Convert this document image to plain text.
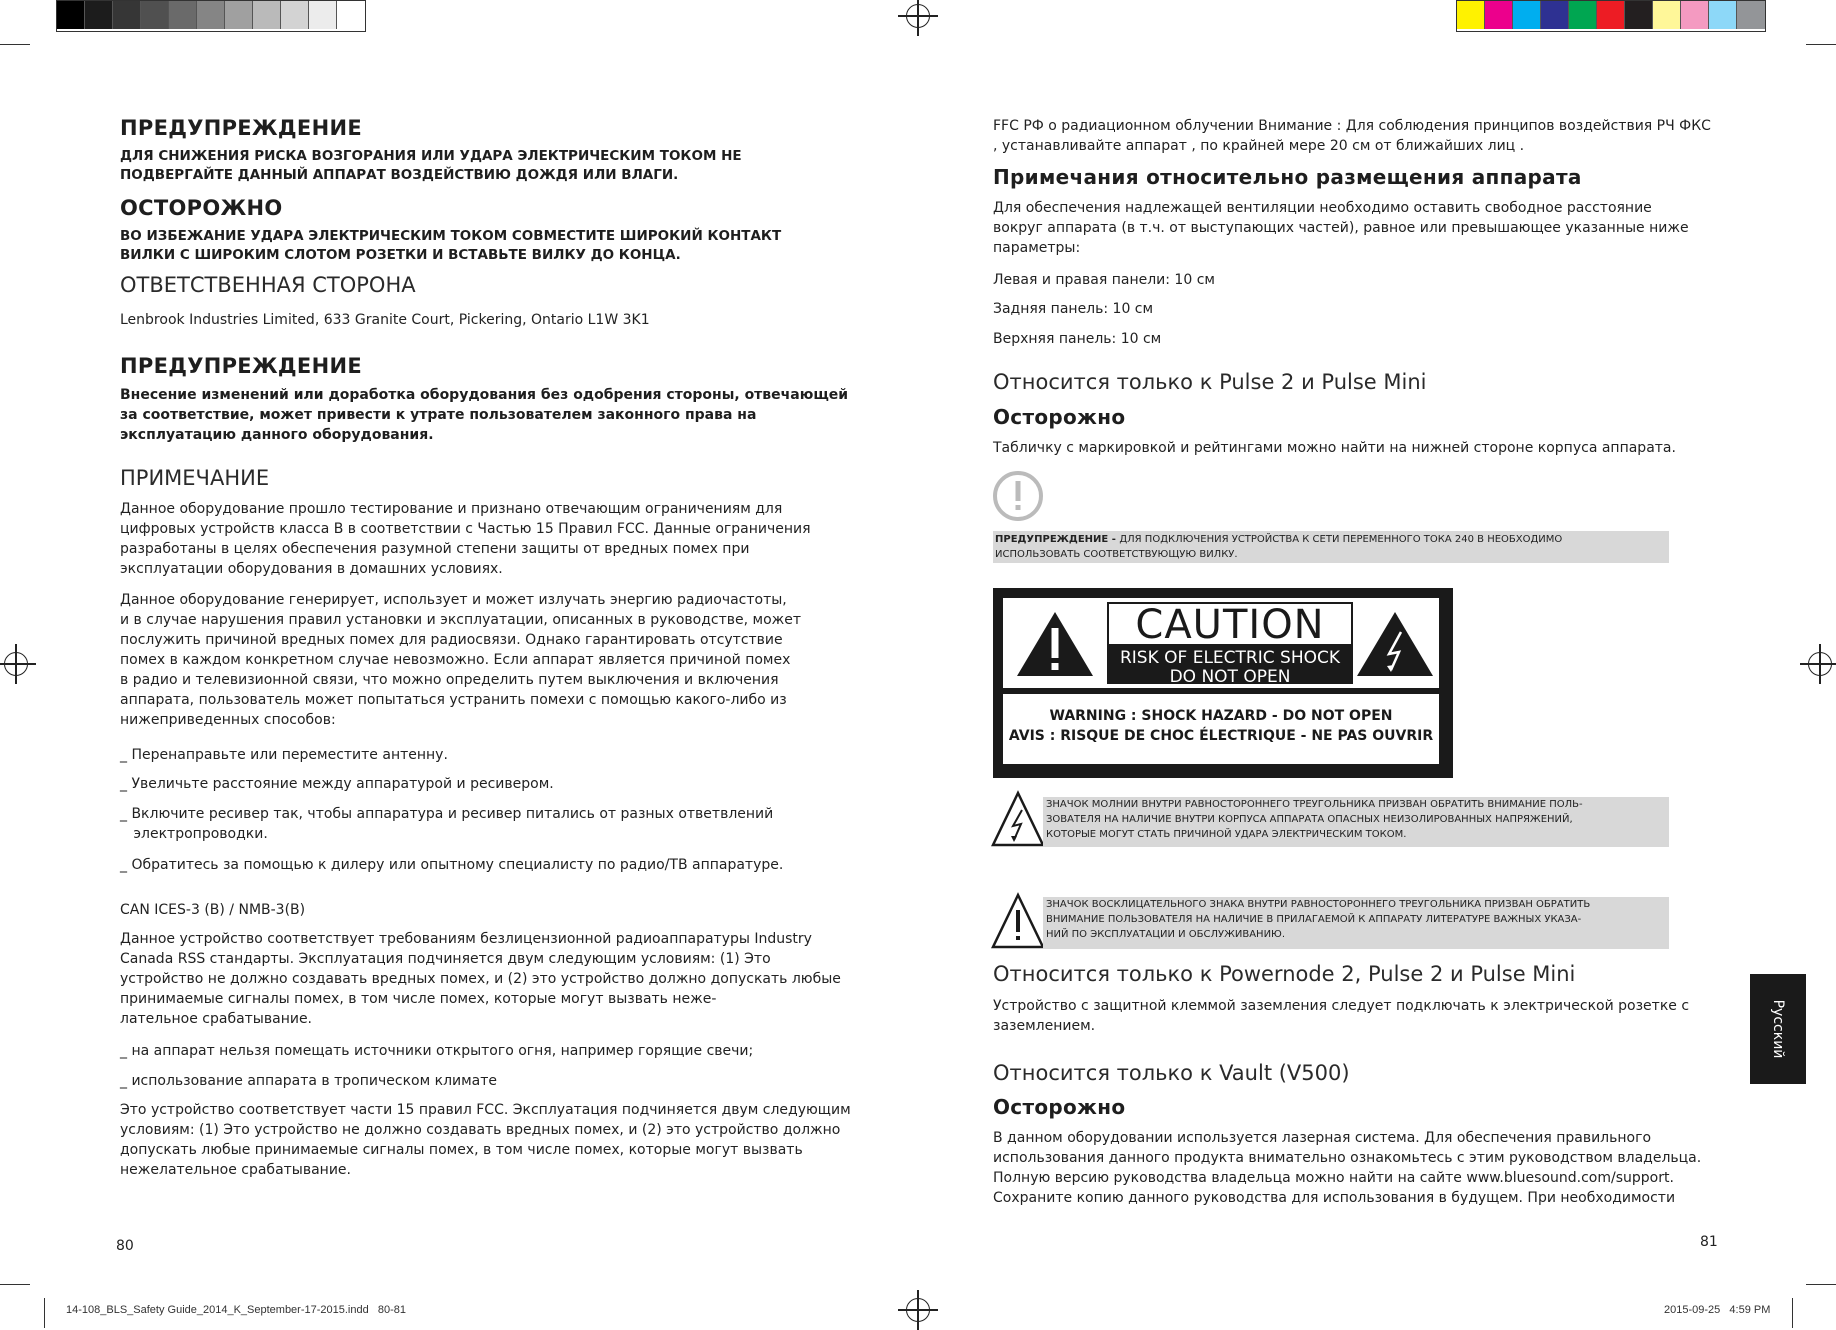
ПРЕДУПРЕЖДЕНИЕ
ДЛЯ СНИЖЕНИЯ РИСКА ВОЗГОРАНИЯ ИЛИ УДАРА ЭЛЕКТРИЧЕСКИМ ТОКОМ НЕ
ПОДВЕРГАЙТЕ ДАННЫЙ АППАРАТ ВОЗДЕЙСТВИЮ ДОЖДЯ ИЛИ ВЛАГИ.
ОСТОРОЖНО
ВО ИЗБЕЖАНИЕ УДАРА ЭЛЕКТРИЧЕСКИМ ТОКОМ СОВМЕСТИТЕ ШИРОКИЙ КОНТАКТ
ВИЛКИ С ШИРОКИМ СЛОТОМ РОЗЕТКИ И ВСТАВЬТЕ ВИЛКУ ДО КОНЦА.
ОТВЕТСТВЕННАЯ СТОРОНА
Lenbrook Industries Limited, 633 Granite Court, Pickering, Ontario L1W 3K1
ПРЕДУПРЕЖДЕНИЕ
Внесение изменений или доработка оборудования без одобрения стороны, отвечающей
за соответствие, может привести к утрате пользователем законного права на
эксплуатацию данного оборудования.
ПРИМЕЧАНИЕ
Данное оборудование прошло тестирование и признано отвечающим ограничениям для
цифровых устройств класса B в соответствии с Частью 15 Правил FCC. Данные ограничения
разработаны в целях обеспечения разумной степени защиты от вредных помех при
эксплуатации оборудования в домашних условиях.
Данное оборудование генерирует, использует и может излучать энергию радиочастоты,
и в случае нарушения правил установки и эксплуатации, описанных в руководстве, может
послужить причиной вредных помех для радиосвязи. Однако гарантировать отсутствие
помех в каждом конкретном случае невозможно. Если аппарат является причиной помех
в радио и телевизионной связи, что можно определить путем выключения и включения
аппарата, пользователь может попытаться устранить помехи с помощью какого-либо из
нижеприведенных способов:
_ Перенаправьте или переместите антенну.
_ Увеличьте расстояние между аппаратурой и ресивером.
_ Включите ресивер так, чтобы аппаратура и ресивер питались от разных ответвлений
электропроводки.
_ Обратитесь за помощью к дилеру или опытному специалисту по радио/ТВ аппаратуре.
CAN ICES-3 (B) / NMB-3(B)
Данное устройство соответствует требованиям безлицензионной радиоаппаратуры Industry
Canada RSS стандарты. Эксплуатация подчиняется двум следующим условиям: (1) Это
устройство не должно создавать вредных помех, и (2) это устройство должно допускать любые
принимаемые сигналы помех, в том числе помех, которые могут вызвать нежe-
лательное срабатывание.
_ на аппарат нельзя помещать источники открытого огня, например горящие свечи;
_ использование аппарата в тропическом климате
Это устройство соответствует части 15 правил FCC. Эксплуатация подчиняется двум следующим
условиям: (1) Это устройство не должно создавать вредных помех, и (2) это устройство должно
допускать любые принимаемые сигналы помех, в том числе помех, которые могут вызвать
нежелательное срабатывание.
80
FFC РФ о радиационном облучении Внимание : Для соблюдения принципов воздействия РЧ ФКС
, устанавливайте аппарат , по крайней мере 20 см от ближайших лиц .
Примечания относительно размещения аппарата
Для обеспечения надлежащей вентиляции необходимо оставить свободное расстояние
вокруг аппарата (в т.ч. от выступающих частей), равное или превышающее указанные ниже
параметры:
Левая и правая панели: 10 см
Задняя панель: 10 см
Верхняя панель: 10 см
Относится только к Pulse 2 и Pulse Mini
Осторожно
Табличку с маркировкой и рейтингами можно найти на нижней стороне корпуса аппарата.
ПРЕДУПРЕЖДЕНИЕ - ДЛЯ ПОДКЛЮЧЕНИЯ УСТРОЙСТВА К СЕТИ ПЕРЕМЕННОГО ТОКА 240 В НЕОБХОДИМО
ИСПОЛЬЗОВАТЬ СООТВЕТСТВУЮЩУЮ ВИЛКУ.
CAUTION
RISK OF ELECTRIC SHOCK
DO NOT OPEN
WARNING : SHOCK HAZARD - DO NOT OPEN
AVIS : RISQUE DE CHOC ÉLECTRIQUE - NE PAS OUVRIR
ЗНАЧОК МОЛНИИ ВНУТРИ РАВНОСТОРОННЕГО ТРЕУГОЛЬНИКА ПРИЗВАН ОБРАТИТЬ ВНИМАНИЕ ПОЛЬ-
ЗОВАТЕЛЯ НА НАЛИЧИЕ ВНУТРИ КОРПУСА АППАРАТА ОПАСНЫХ НЕИЗОЛИРОВАННЫХ НАПРЯЖЕНИЙ,
КОТОРЫЕ МОГУТ СТАТЬ ПРИЧИНОЙ УДАРА ЭЛЕКТРИЧЕСКИМ ТОКОМ.
ЗНАЧОК ВОСКЛИЦАТЕЛЬНОГО ЗНАКА ВНУТРИ РАВНОСТОРОННЕГО ТРЕУГОЛЬНИКА ПРИЗВАН ОБРАТИТЬ
ВНИМАНИЕ ПОЛЬЗОВАТЕЛЯ НА НАЛИЧИЕ В ПРИЛАГАЕМОЙ К АППАРАТУ ЛИТЕРАТУРЕ ВАЖНЫХ УКАЗА-
НИЙ ПО ЭКСПЛУАТАЦИИ И ОБСЛУЖИВАНИЮ.
Относится только к Powernode 2, Pulse 2 и Pulse Mini
Устройство с защитной клеммой заземления следует подключать к электрической розетке с
заземлением.
Относится только к Vault (V500)
Осторожно
В данном оборудовании используется лазерная система. Для обеспечения правильного
использования данного продукта внимательно ознакомьтесь с этим руководством владельца.
Полную версию руководства владельца можно найти на сайте www.bluesound.com/support.
Сохраните копию данного руководства для использования в будущем. При необходимости
81
Русский
14-108_BLS_Safety Guide_2014_K_September-17-2015.indd   80-81	2015-09-25   4:59 PM
